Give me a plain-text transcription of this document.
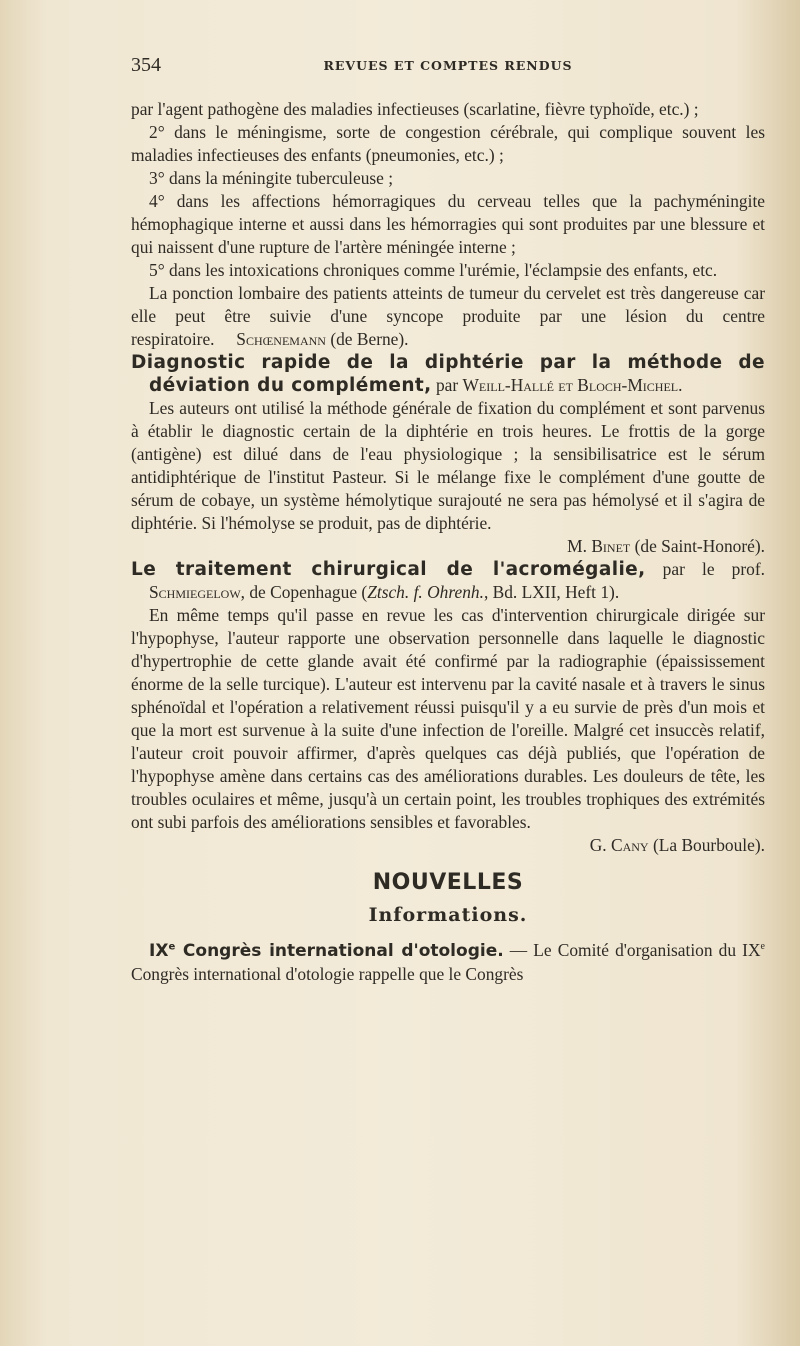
354	REVUES ET COMPTES RENDUS

par l'agent pathogène des maladies infectieuses (scarlatine, fièvre typhoïde, etc.) ;

2° dans le méningisme, sorte de congestion cérébrale, qui complique souvent les maladies infectieuses des enfants (pneumonies, etc.) ;

3° dans la méningite tuberculeuse ;

4° dans les affections hémorragiques du cerveau telles que la pachyméningite hémophagique interne et aussi dans les hémorragies qui sont produites par une blessure et qui naissent d'une rupture de l'artère méningée interne ;

5° dans les intoxications chroniques comme l'urémie, l'éclampsie des enfants, etc.

La ponction lombaire des patients atteints de tumeur du cervelet est très dangereuse car elle peut être suivie d'une syncope produite par une lésion du centre respiratoire. Schœnemann (de Berne).

Diagnostic rapide de la diphtérie par la méthode de déviation du complément, par Weill-Hallé et Bloch-Michel.

Les auteurs ont utilisé la méthode générale de fixation du complément et sont parvenus à établir le diagnostic certain de la diphtérie en trois heures. Le frottis de la gorge (antigène) est dilué dans de l'eau physiologique ; la sensibilisatrice est le sérum antidiphtérique de l'institut Pasteur. Si le mélange fixe le complément d'une goutte de sérum de cobaye, un système hémolytique surajouté ne sera pas hémolysé et il s'agira de diphtérie. Si l'hémolyse se produit, pas de diphtérie.

M. Binet (de Saint-Honoré).

Le traitement chirurgical de l'acromégalie, par le prof. Schmiegelow, de Copenhague (Ztsch. f. Ohrenh., Bd. LXII, Heft 1).

En même temps qu'il passe en revue les cas d'intervention chirurgicale dirigée sur l'hypophyse, l'auteur rapporte une observation personnelle dans laquelle le diagnostic d'hypertrophie de cette glande avait été confirmé par la radiographie (épaississement énorme de la selle turcique). L'auteur est intervenu par la cavité nasale et à travers le sinus sphénoïdal et l'opération a relativement réussi puisqu'il y a eu survie de près d'un mois et que la mort est survenue à la suite d'une infection de l'oreille. Malgré cet insuccès relatif, l'auteur croit pouvoir affirmer, d'après quelques cas déjà publiés, que l'opération de l'hypophyse amène dans certains cas des améliorations durables. Les douleurs de tête, les troubles oculaires et même, jusqu'à un certain point, les troubles trophiques des extrémités ont subi parfois des améliorations sensibles et favorables.

G. Cany (La Bourboule).

NOUVELLES
Informations.

IXe Congrès international d'otologie. — Le Comité d'organisation du IXe Congrès international d'otologie rappelle que le Congrès
